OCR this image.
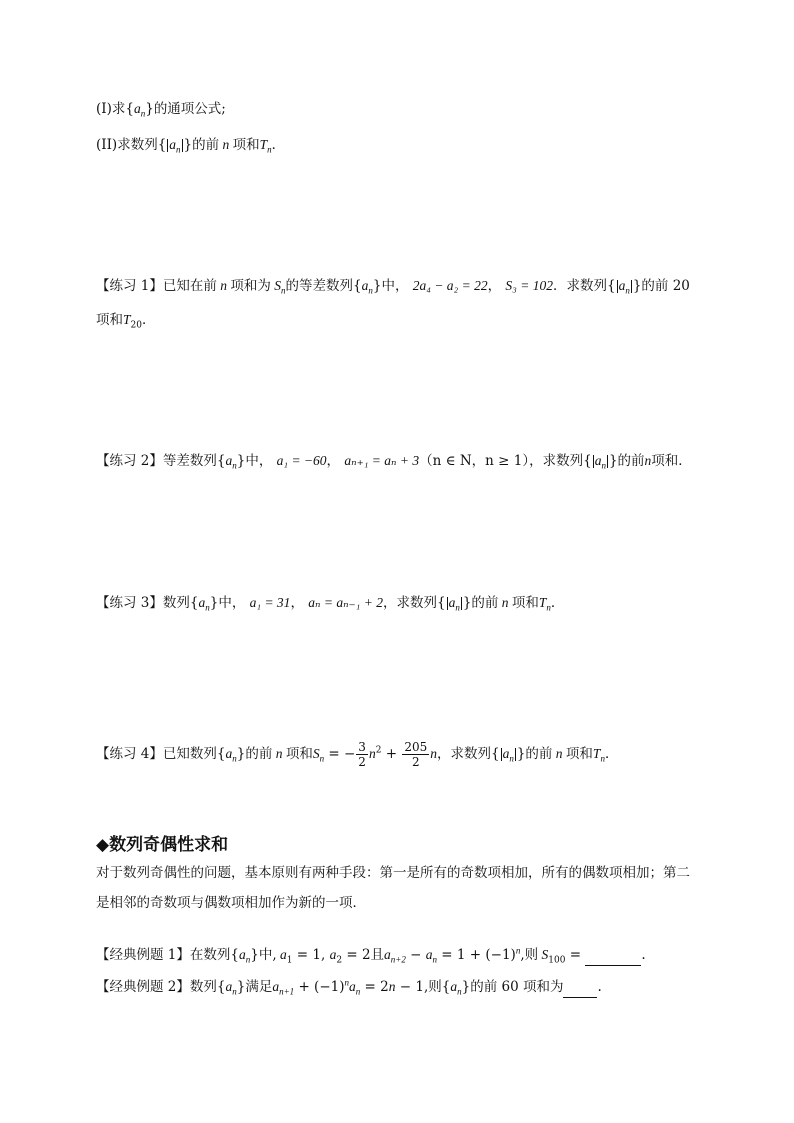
(I)求$\{a_n\}$的通项公式;
(II)求数列{ $a_n$ }的前 n 项和$T_n$．
【练习 1】已知在前 n 项和为 $S_n$的等差数列$\{a_n\}$中， 2a₄ − a₂ = 22， S₃ = 102．求数列{ $a_n$ }的前 20
项和$T_{20}$．
【练习 2】等差数列$\{a_n\}$中， a₁ = −60， aₙ₊₁ = aₙ + 3（n ∈ N，n ≥ 1），求数列{ $a_n$ }的前n项和．
【练习 3】数列$\{a_n\}$中， a₁ = 31， aₙ = aₙ₋₁ + 2，求数列{ $a_n$ }的前 n 项和$T_n$．
【练习 4】已知数列$\{a_n\}$的前 n 项和$S_n$ = − $\frac{3}{2} n^2 + \frac{205}{2}$ n，求数列{ $a_n$ }的前 n 项和$T_n$．
◆数列奇偶性求和
对于数列奇偶性的问题，基本原则有两种手段：第一是所有的奇数项相加，所有的偶数项相加；第二是相邻的奇数项与偶数项相加作为新的一项．
【经典例题 1】在数列$\{a_n\}$中, $a_1 = 1$, $a_2 = 2$且$a_{n+2} - a_n = 1 + (-1)^n$,则 $S_{100}$ =	.
【经典例题 2】数列$\{a_n\}$满足$a_{n+1} + (-1)^na_n = 2n - 1$,则$\{a_n\}$的前 60 项和为	.
